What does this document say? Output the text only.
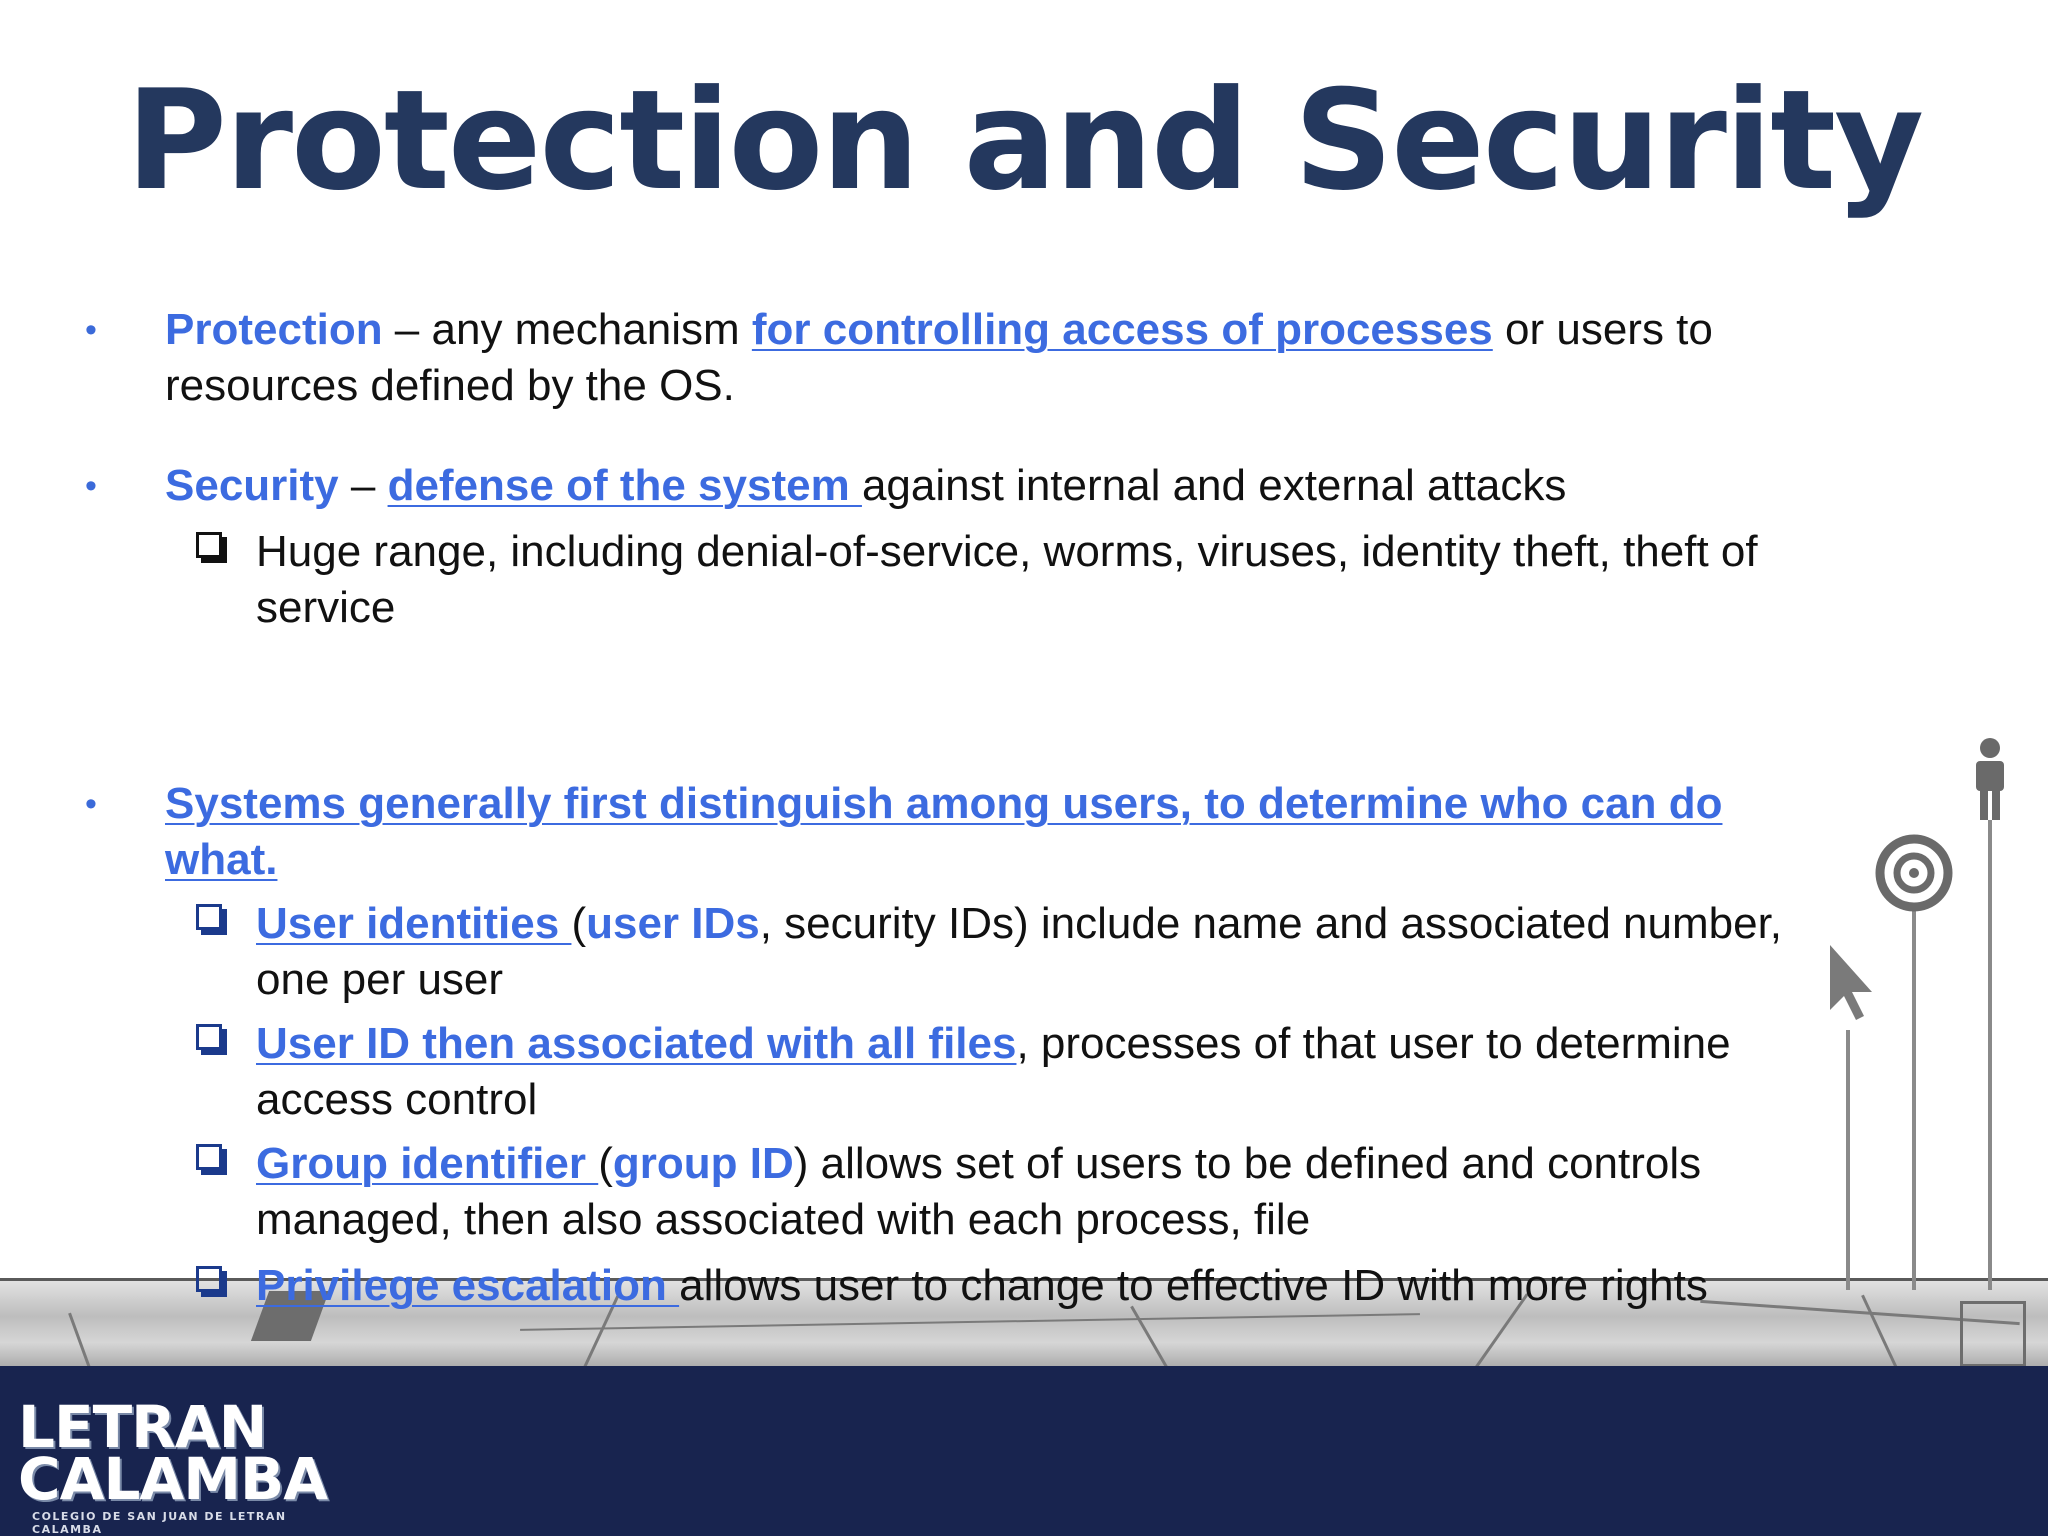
Protection and Security
• Protection – any mechanism for controlling access of processes or users to resources defined by the OS.
• Security – defense of the system against internal and external attacks
Huge range, including denial-of-service, worms, viruses, identity theft, theft of service
• Systems generally first distinguish among users, to determine who can do what.
User identities (user IDs, security IDs) include name and associated number, one per user
User ID then associated with all files, processes of that user to determine access control
Group identifier (group ID) allows set of users to be defined and controls managed, then also associated with each process, file
Privilege escalation allows user to change to effective ID with more rights
LETRAN
CALAMBA
COLEGIO DE SAN JUAN DE LETRAN CALAMBA
